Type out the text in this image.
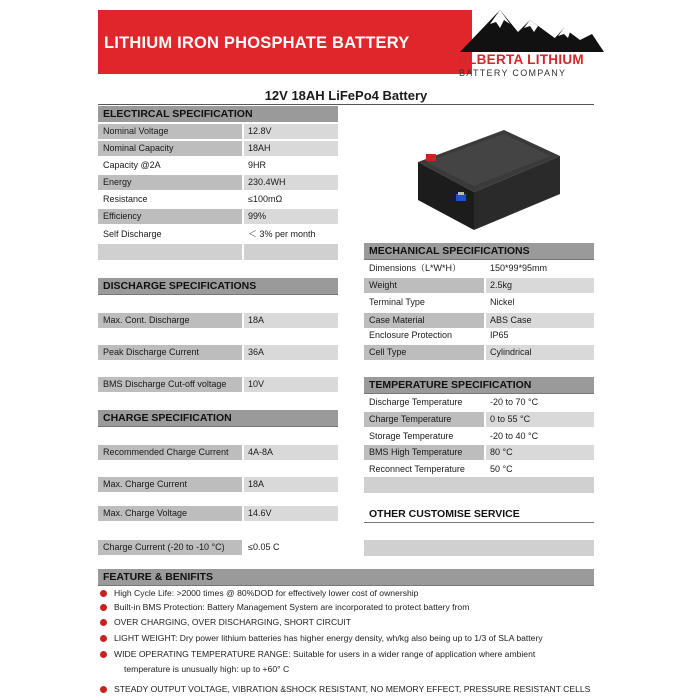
LITHIUM IRON PHOSPHATE BATTERY
ALBERTA LITHIUM
BATTERY COMPANY
12V 18AH LiFePo4 Battery
ELECTIRCAL SPECIFICATION
Nominal Voltage	12.8V
Nominal Capacity	18AH
Capacity @2A	9HR
Energy	230.4WH
Resistance	≤100mΩ
Efficiency	99%
Self Discharge	＜ 3% per month
DISCHARGE SPECIFICATIONS
Max. Cont. Discharge	18A
Peak Discharge Current	36A
BMS Discharge Cut-off voltage	10V
CHARGE SPECIFICATION
Recommended Charge Current	4A-8A
Max. Charge Current	18A
Max. Charge Voltage	14.6V
Charge Current (-20 to -10 °C)	≤0.05 C
MECHANICAL SPECIFICATIONS
Dimensions（L*W*H）	150*99*95mm
Weight	2.5kg
Terminal Type	Nickel
Case Material	ABS Case
Enclosure Protection	IP65
Cell Type	Cylindrical
TEMPERATURE SPECIFICATION
Discharge Temperature	-20 to 70 °C
Charge Temperature	0 to 55 °C
Storage Temperature	-20 to 40 °C
BMS High Temperature	80 °C
Reconnect Temperature	50 °C
OTHER CUSTOMISE SERVICE
FEATURE & BENIFITS
High Cycle Life: >2000 times @ 80%DOD for effectively lower cost of ownership
Built-in BMS Protection: Battery Management System are incorporated to protect battery from
OVER CHARGING, OVER DISCHARGING, SHORT CIRCUIT
LIGHT WEIGHT: Dry power lithium batteries has higher energy density, wh/kg also being up to 1/3 of SLA battery
WIDE OPERATING TEMPERATURE RANGE: Suitable for users in a wider range of application where ambient
temperature is unusually high: up to +60° C
STEADY OUTPUT VOLTAGE, VIBRATION &SHOCK RESISTANT, NO MEMORY EFFECT, PRESSURE RESISTANT CELLS
